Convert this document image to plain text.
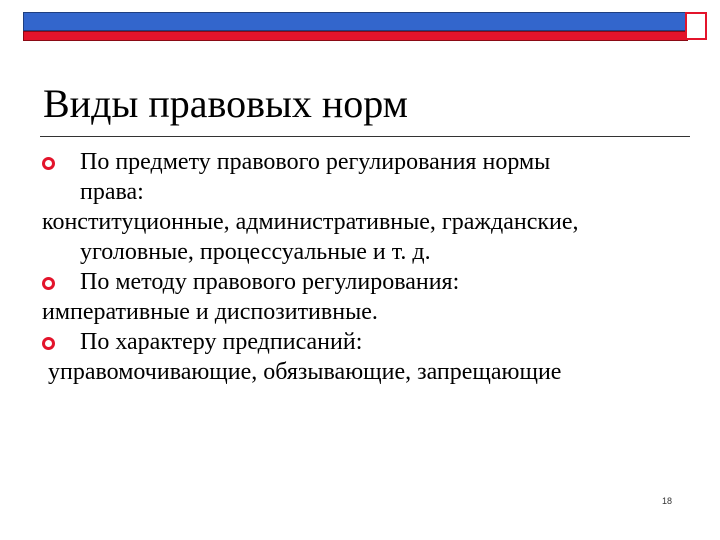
Виды правовых норм
По предмету правового регулирования нормы
права:
конституционные, административные, гражданские,
уголовные, процессуальные и т. д.
По методу правового регулирования:
императивные и диспозитивные.
По характеру предписаний:
управомочивающие, обязывающие, запрещающие
18
